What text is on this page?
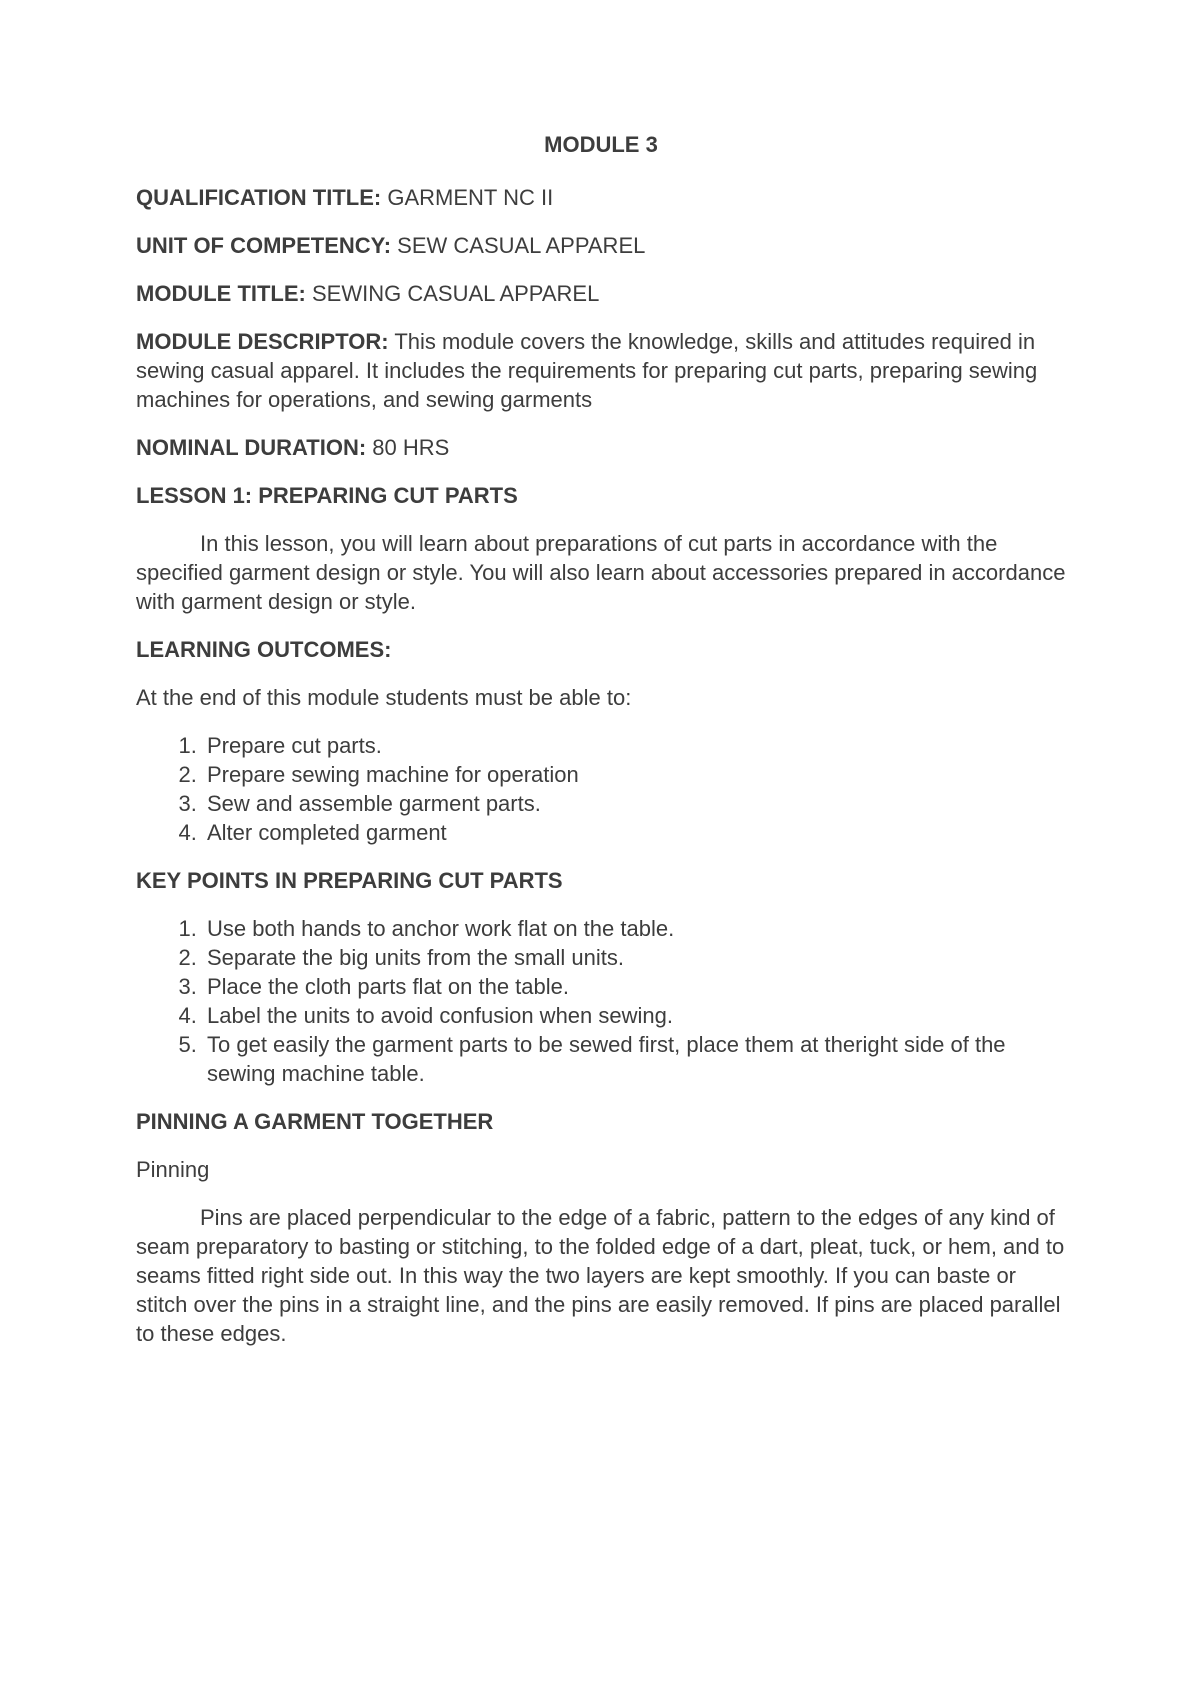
MODULE 3

QUALIFICATION TITLE: GARMENT NC II

UNIT OF COMPETENCY: SEW CASUAL APPAREL

MODULE TITLE: SEWING CASUAL APPAREL

MODULE DESCRIPTOR: This module covers the knowledge, skills and attitudes required in sewing casual apparel. It includes the requirements for preparing cut parts, preparing sewing machines for operations, and sewing garments

NOMINAL DURATION: 80 HRS

LESSON 1: PREPARING CUT PARTS

In this lesson, you will learn about preparations of cut parts in accordance with the specified garment design or style. You will also learn about accessories prepared in accordance with garment design or style.

LEARNING OUTCOMES:

At the end of this module students must be able to:

1. Prepare cut parts.
2. Prepare sewing machine for operation
3. Sew and assemble garment parts.
4. Alter completed garment
KEY POINTS IN PREPARING CUT PARTS
1. Use both hands to anchor work flat on the table.
2. Separate the big units from the small units.
3. Place the cloth parts flat on the table.
4. Label the units to avoid confusion when sewing.
5. To get easily the garment parts to be sewed first, place them at theright side of the sewing machine table.
PINNING A GARMENT TOGETHER

Pinning

Pins are placed perpendicular to the edge of a fabric, pattern to the edges of any kind of seam preparatory to basting or stitching, to the folded edge of a dart, pleat, tuck, or hem, and to seams fitted right side out. In this way the two layers are kept smoothly. If you can baste or stitch over the pins in a straight line, and the pins are easily removed. If pins are placed parallel to these edges.
